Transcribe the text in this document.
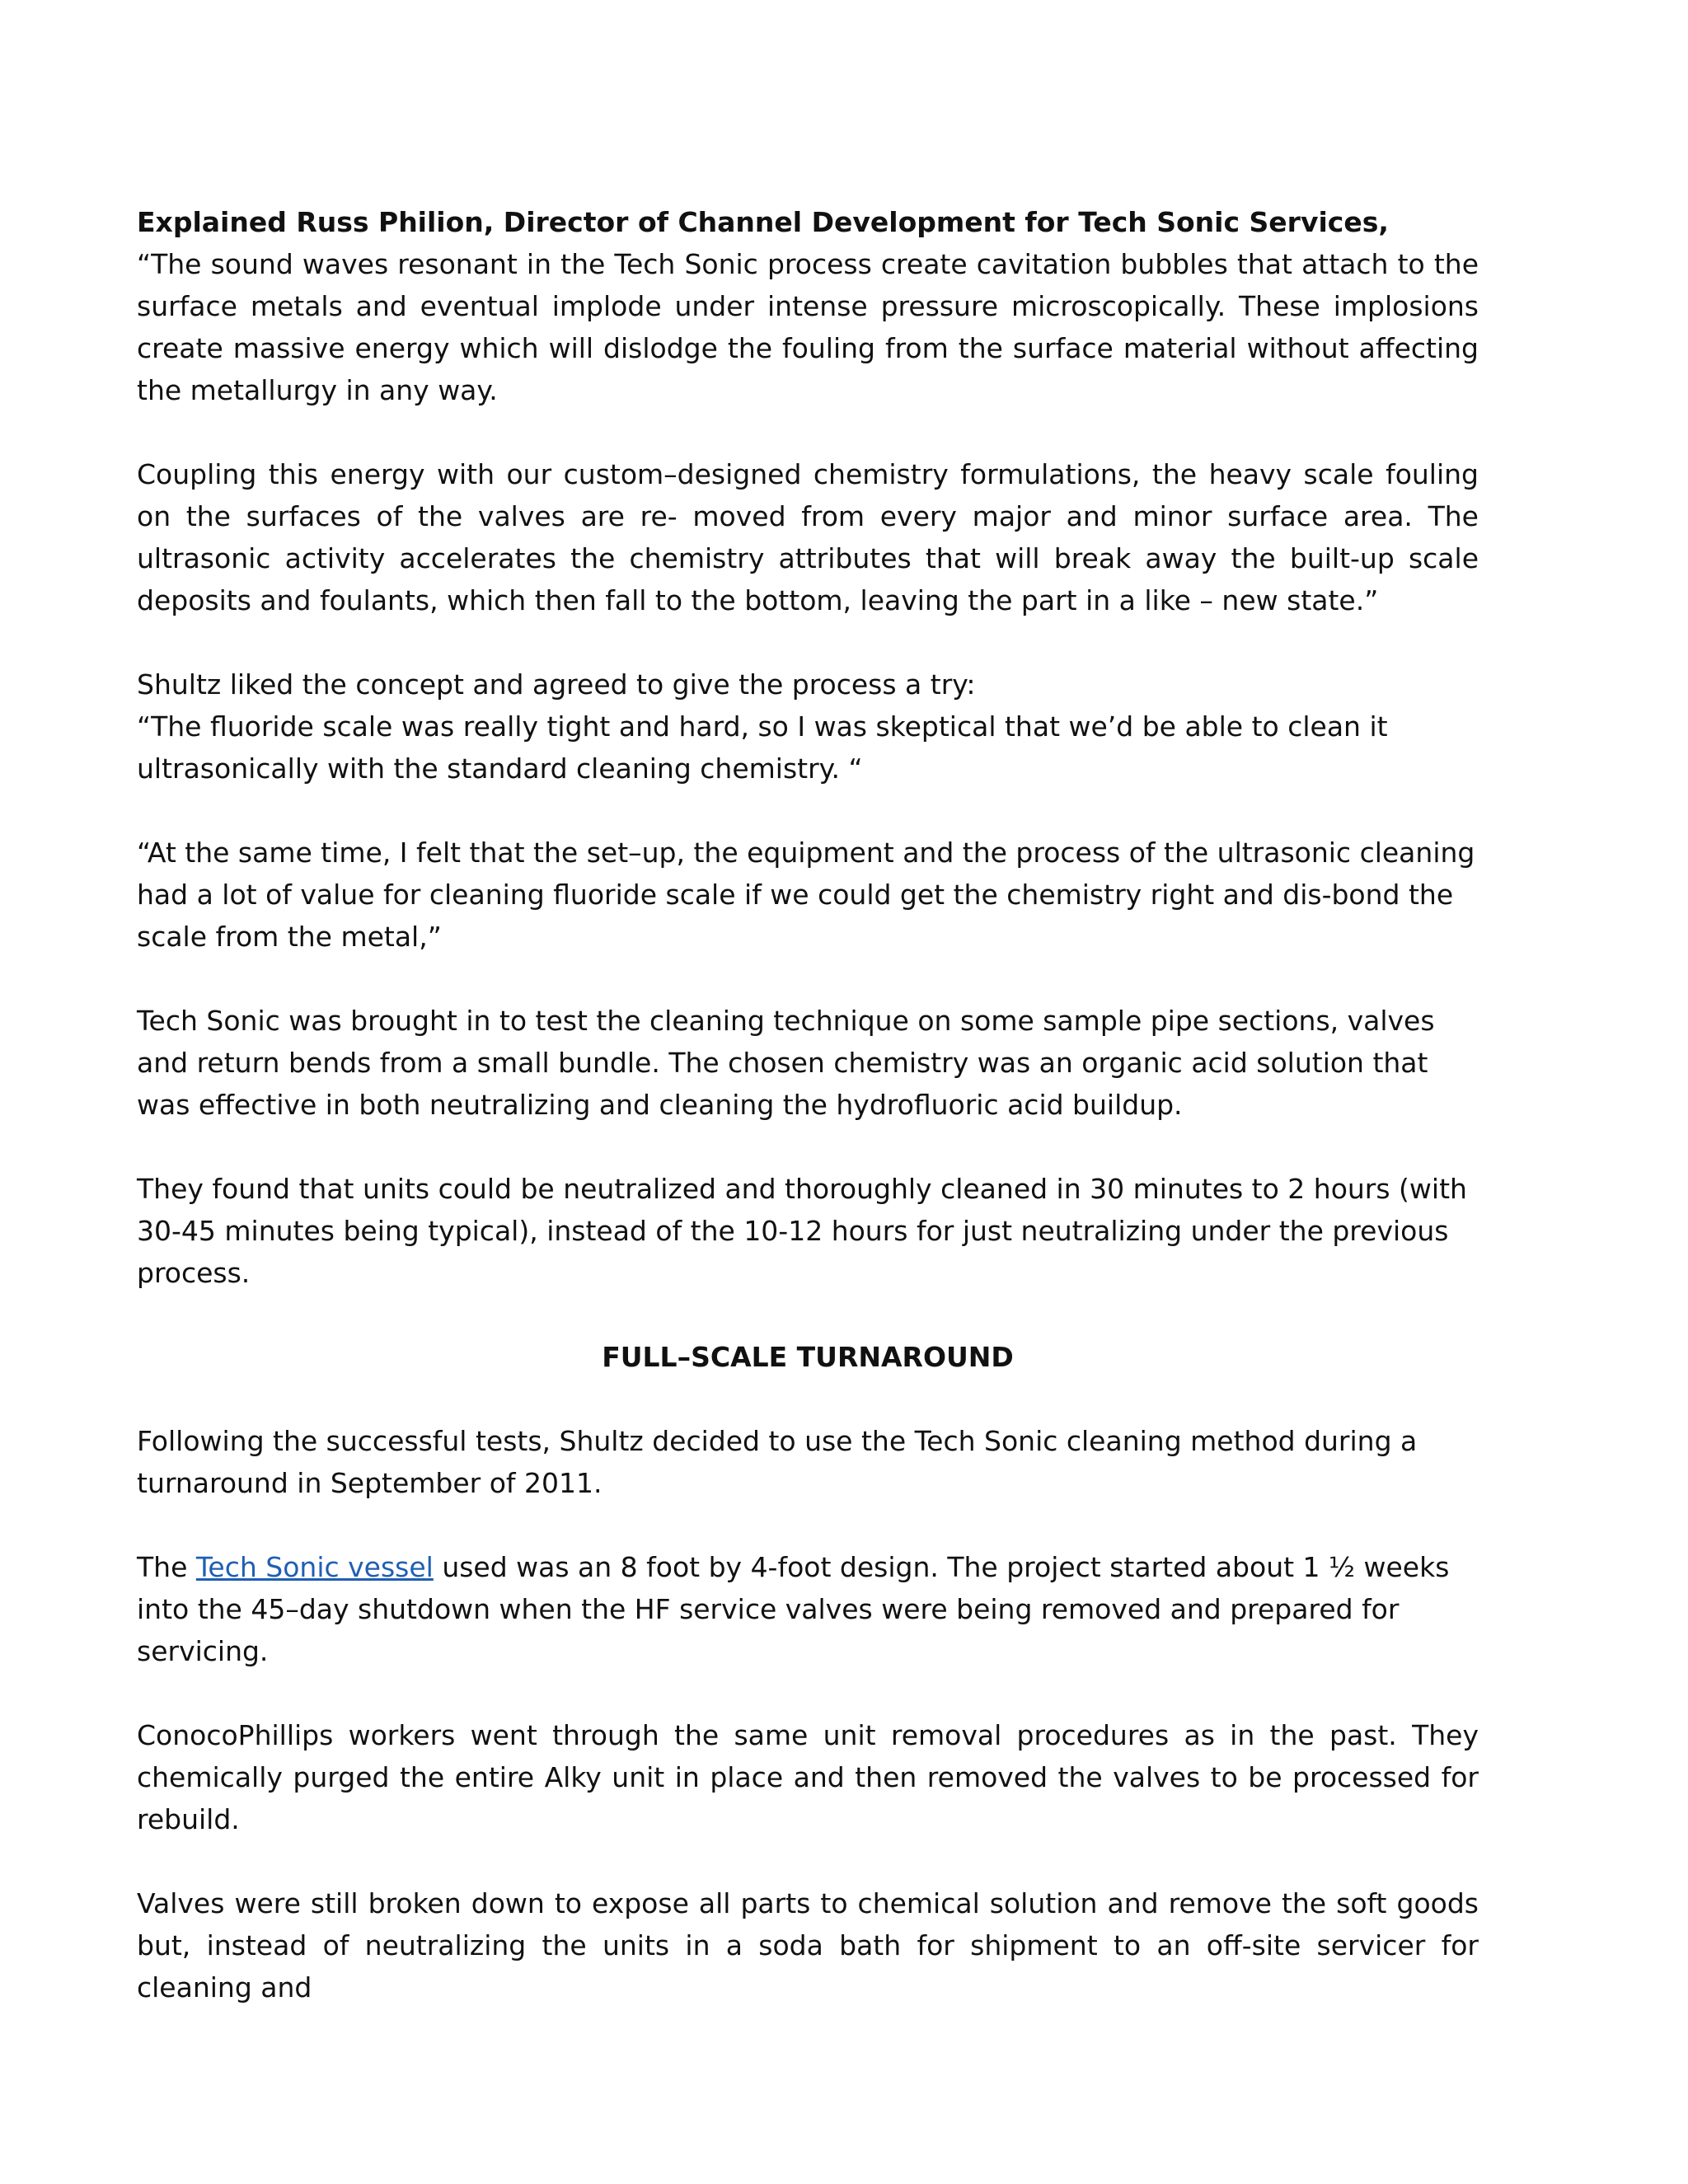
Explained Russ Philion, Director of Channel Development for Tech Sonic Services,

“The sound waves resonant in the Tech Sonic process create cavitation bubbles that attach to the surface metals and eventual implode under intense pressure microscopically. These implosions create massive energy which will dislodge the fouling from the surface material without affecting the metallurgy in any way.

Coupling this energy with our custom–designed chemistry formulations, the heavy scale fouling on the surfaces of the valves are re- moved from every major and minor surface area. The ultrasonic activity accelerates the chemistry attributes that will break away the built-up scale deposits and foulants, which then fall to the bottom, leaving the part in a like – new state.”

Shultz liked the concept and agreed to give the process a try:

“The fluoride scale was really tight and hard, so I was skeptical that we’d be able to clean it ultrasonically with the standard cleaning chemistry. “

“At the same time, I felt that the set–up, the equipment and the process of the ultrasonic cleaning had a lot of value for cleaning fluoride scale if we could get the chemistry right and dis-bond the scale from the metal,”

Tech Sonic was brought in to test the cleaning technique on some sample pipe sections, valves and return bends from a small bundle. The chosen chemistry was an organic acid solution that was effective in both neutralizing and cleaning the hydrofluoric acid buildup.

They found that units could be neutralized and thoroughly cleaned in 30 minutes to 2 hours (with 30-45 minutes being typical), instead of the 10-12 hours for just neutralizing under the previous process.

FULL–SCALE TURNAROUND

Following the successful tests, Shultz decided to use the Tech Sonic cleaning method during a turnaround in September of 2011.

The Tech Sonic vessel used was an 8 foot by 4-foot design. The project started about 1 ½ weeks into the 45–day shutdown when the HF service valves were being removed and prepared for servicing.

ConocoPhillips workers went through the same unit removal procedures as in the past. They chemically purged the entire Alky unit in place and then removed the valves to be processed for rebuild.

Valves were still broken down to expose all parts to chemical solution and remove the soft goods but, instead of neutralizing the units in a soda bath for shipment to an off-site servicer for cleaning and
